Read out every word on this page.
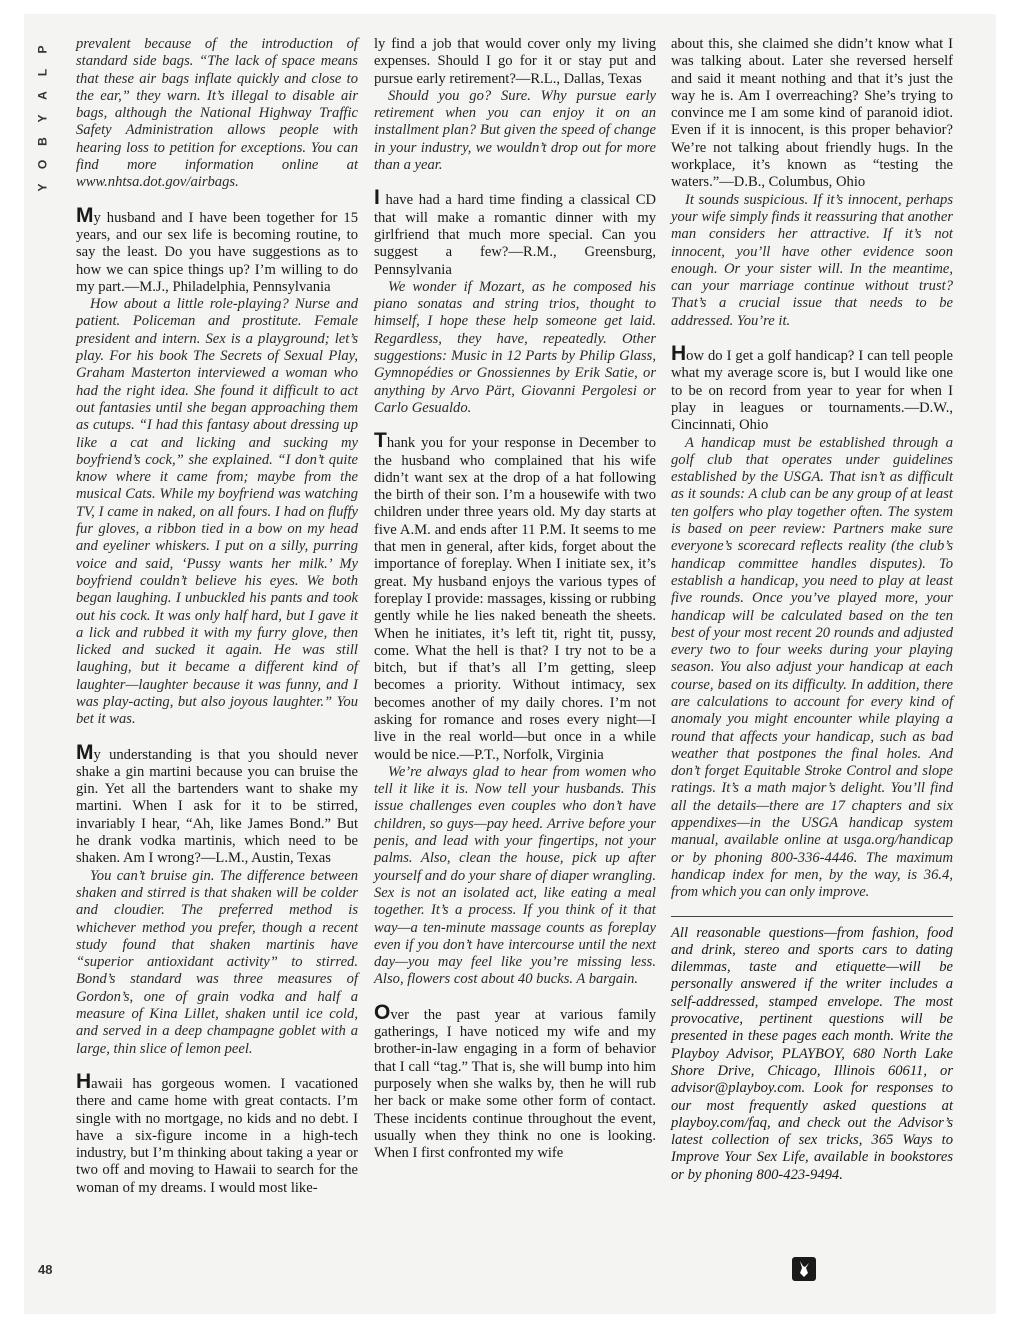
P
L
A
Y
B
O
Y
48

prevalent because of the introduction of standard side bags. “The lack of space means that these air bags inflate quickly and close to the ear,” they warn. It’s illegal to disable air bags, although the National Highway Traffic Safety Administration allows people with hearing loss to petition for exceptions. You can find more information online at www.nhtsa.dot.gov/airbags.

My husband and I have been together for 15 years, and our sex life is becoming routine, to say the least. Do you have suggestions as to how we can spice things up? I’m willing to do my part.—M.J., Philadelphia, Pennsylvania

How about a little role-playing? Nurse and patient. Policeman and prostitute. Female president and intern. Sex is a playground; let’s play. For his book The Secrets of Sexual Play, Graham Masterton interviewed a woman who had the right idea. She found it difficult to act out fantasies until she began approaching them as cutups. “I had this fantasy about dressing up like a cat and licking and sucking my boyfriend’s cock,” she explained. “I don’t quite know where it came from; maybe from the musical Cats. While my boyfriend was watching TV, I came in naked, on all fours. I had on fluffy fur gloves, a ribbon tied in a bow on my head and eyeliner whiskers. I put on a silly, purring voice and said, ‘Pussy wants her milk.’ My boyfriend couldn’t believe his eyes. We both began laughing. I unbuckled his pants and took out his cock. It was only half hard, but I gave it a lick and rubbed it with my furry glove, then licked and sucked it again. He was still laughing, but it became a different kind of laughter—laughter because it was funny, and I was play-acting, but also joyous laughter.” You bet it was.

My understanding is that you should never shake a gin martini because you can bruise the gin. Yet all the bartenders want to shake my martini. When I ask for it to be stirred, invariably I hear, “Ah, like James Bond.” But he drank vodka martinis, which need to be shaken. Am I wrong?—L.M., Austin, Texas

You can’t bruise gin. The difference between shaken and stirred is that shaken will be colder and cloudier. The preferred method is whichever method you prefer, though a recent study found that shaken martinis have “superior antioxidant activity” to stirred. Bond’s standard was three measures of Gordon’s, one of grain vodka and half a measure of Kina Lillet, shaken until ice cold, and served in a deep champagne goblet with a large, thin slice of lemon peel.

Hawaii has gorgeous women. I vacationed there and came home with great contacts. I’m single with no mortgage, no kids and no debt. I have a six-figure income in a high-tech industry, but I’m thinking about taking a year or two off and moving to Hawaii to search for the woman of my dreams. I would most like-

ly find a job that would cover only my living expenses. Should I go for it or stay put and pursue early retirement?—R.L., Dallas, Texas

Should you go? Sure. Why pursue early retirement when you can enjoy it on an installment plan? But given the speed of change in your industry, we wouldn’t drop out for more than a year.

I have had a hard time finding a classical CD that will make a romantic dinner with my girlfriend that much more special. Can you suggest a few?—R.M., Greensburg, Pennsylvania

We wonder if Mozart, as he composed his piano sonatas and string trios, thought to himself, I hope these help someone get laid. Regardless, they have, repeatedly. Other suggestions: Music in 12 Parts by Philip Glass, Gymnopédies or Gnossiennes by Erik Satie, or anything by Arvo Pärt, Giovanni Pergolesi or Carlo Gesualdo.

Thank you for your response in December to the husband who complained that his wife didn’t want sex at the drop of a hat following the birth of their son. I’m a housewife with two children under three years old. My day starts at five A.M. and ends after 11 P.M. It seems to me that men in general, after kids, forget about the importance of foreplay. When I initiate sex, it’s great. My husband enjoys the various types of foreplay I provide: massages, kissing or rubbing gently while he lies naked beneath the sheets. When he initiates, it’s left tit, right tit, pussy, come. What the hell is that? I try not to be a bitch, but if that’s all I’m getting, sleep becomes a priority. Without intimacy, sex becomes another of my daily chores. I’m not asking for romance and roses every night—I live in the real world—but once in a while would be nice.—P.T., Norfolk, Virginia

We’re always glad to hear from women who tell it like it is. Now tell your husbands. This issue challenges even couples who don’t have children, so guys—pay heed. Arrive before your penis, and lead with your fingertips, not your palms. Also, clean the house, pick up after yourself and do your share of diaper wrangling. Sex is not an isolated act, like eating a meal together. It’s a process. If you think of it that way—a ten-minute massage counts as foreplay even if you don’t have intercourse until the next day—you may feel like you’re missing less. Also, flowers cost about 40 bucks. A bargain.

Over the past year at various family gatherings, I have noticed my wife and my brother-in-law engaging in a form of behavior that I call “tag.” That is, she will bump into him purposely when she walks by, then he will rub her back or make some other form of contact. These incidents continue throughout the event, usually when they think no one is looking. When I first confronted my wife

about this, she claimed she didn’t know what I was talking about. Later she reversed herself and said it meant nothing and that it’s just the way he is. Am I overreaching? She’s trying to convince me I am some kind of paranoid idiot. Even if it is innocent, is this proper behavior? We’re not talking about friendly hugs. In the workplace, it’s known as “testing the waters.”—D.B., Columbus, Ohio

It sounds suspicious. If it’s innocent, perhaps your wife simply finds it reassuring that another man considers her attractive. If it’s not innocent, you’ll have other evidence soon enough. Or your sister will. In the meantime, can your marriage continue without trust? That’s a crucial issue that needs to be addressed. You’re it.

How do I get a golf handicap? I can tell people what my average score is, but I would like one to be on record from year to year for when I play in leagues or tournaments.—D.W., Cincinnati, Ohio

A handicap must be established through a golf club that operates under guidelines established by the USGA. That isn’t as difficult as it sounds: A club can be any group of at least ten golfers who play together often. The system is based on peer review: Partners make sure everyone’s scorecard reflects reality (the club’s handicap committee handles disputes). To establish a handicap, you need to play at least five rounds. Once you’ve played more, your handicap will be calculated based on the ten best of your most recent 20 rounds and adjusted every two to four weeks during your playing season. You also adjust your handicap at each course, based on its difficulty. In addition, there are calculations to account for every kind of anomaly you might encounter while playing a round that affects your handicap, such as bad weather that postpones the final holes. And don’t forget Equitable Stroke Control and slope ratings. It’s a math major’s delight. You’ll find all the details—there are 17 chapters and six appendixes—in the USGA handicap system manual, available online at usga.org/handicap or by phoning 800-336-4446. The maximum handicap index for men, by the way, is 36.4, from which you can only improve.

All reasonable questions—from fashion, food and drink, stereo and sports cars to dating dilemmas, taste and etiquette—will be personally answered if the writer includes a self-addressed, stamped envelope. The most provocative, pertinent questions will be presented in these pages each month. Write the Playboy Advisor, PLAYBOY, 680 North Lake Shore Drive, Chicago, Illinois 60611, or advisor@playboy.com. Look for responses to our most frequently asked questions at playboy.com/faq, and check out the Advisor’s latest collection of sex tricks, 365 Ways to Improve Your Sex Life, available in bookstores or by phoning 800-423-9494.
